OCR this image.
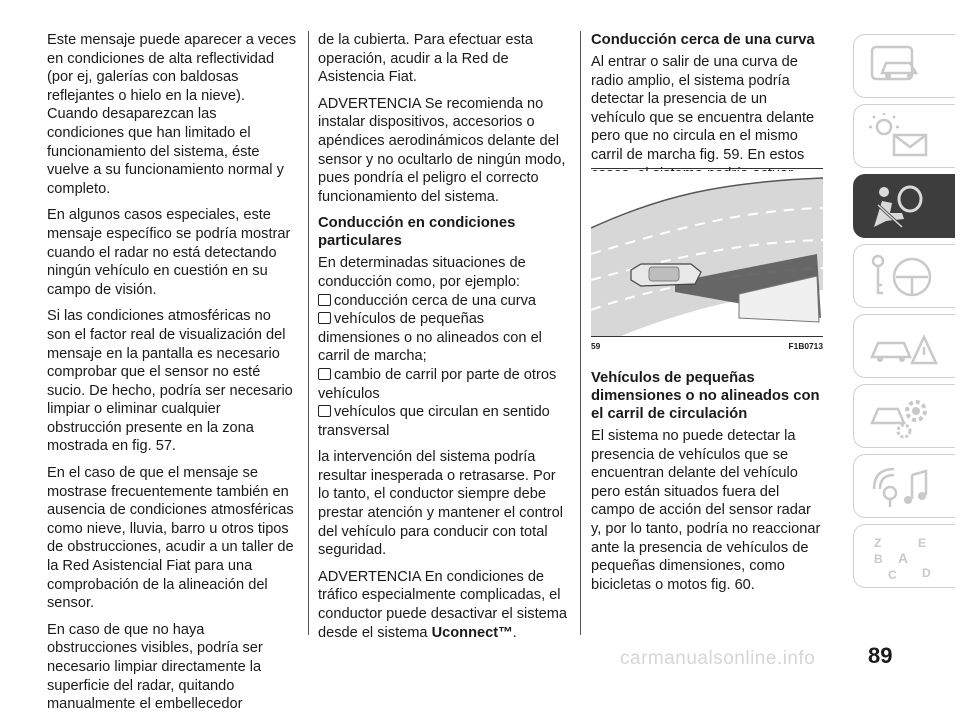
Este mensaje puede aparecer a veces en condiciones de alta reflectividad (por ej, galerías con baldosas reflejantes o hielo en la nieve). Cuando desaparezcan las condiciones que han limitado el funcionamiento del sistema, éste vuelve a su funcionamiento normal y completo.

En algunos casos especiales, este mensaje específico se podría mostrar cuando el radar no está detectando ningún vehículo en cuestión en su campo de visión.

Si las condiciones atmosféricas no son el factor real de visualización del mensaje en la pantalla es necesario comprobar que el sensor no esté sucio. De hecho, podría ser necesario limpiar o eliminar cualquier obstrucción presente en la zona mostrada en fig. 57.

En el caso de que el mensaje se mostrase frecuentemente también en ausencia de condiciones atmosféricas como nieve, lluvia, barro u otros tipos de obstrucciones, acudir a un taller de la Red Asistencial Fiat para una comprobación de la alineación del sensor.

En caso de que no haya obstrucciones visibles, podría ser necesario limpiar directamente la superficie del radar, quitando manualmente el embellecedor

de la cubierta. Para efectuar esta operación, acudir a la Red de Asistencia Fiat.

ADVERTENCIA Se recomienda no instalar dispositivos, accesorios o apéndices aerodinámicos delante del sensor y no ocultarlo de ningún modo, pues pondría el peligro el correcto funcionamiento del sistema.

Conducción en condiciones particulares

En determinadas situaciones de conducción como, por ejemplo:

conducción cerca de una curva
vehículos de pequeñas dimensiones o no alineados con el carril de marcha;
cambio de carril por parte de otros vehículos
vehículos que circulan en sentido transversal

la intervención del sistema podría resultar inesperada o retrasarse. Por lo tanto, el conductor siempre debe prestar atención y mantener el control del vehículo para conducir con total seguridad.

ADVERTENCIA En condiciones de tráfico especialmente complicadas, el conductor puede desactivar el sistema desde el sistema Uconnect™.

Conducción cerca de una curva

Al entrar o salir de una curva de radio amplio, el sistema podría detectar la presencia de un vehículo que se encuentra delante pero que no circula en el mismo carril de marcha fig. 59. En estos

59	F1B0713
Vehículos de pequeñas dimensiones o no alineados con el carril de circulación

El sistema no puede detectar la presencia de vehículos que se encuentran delante del vehículo pero están situados fuera del campo de acción del sensor radar y, por lo tanto, podría no reaccionar ante la presencia de vehículos de pequeñas dimensiones, como bicicletas o motos fig. 60.

Z	E
B A
C D
carmanualsonline.info 89
